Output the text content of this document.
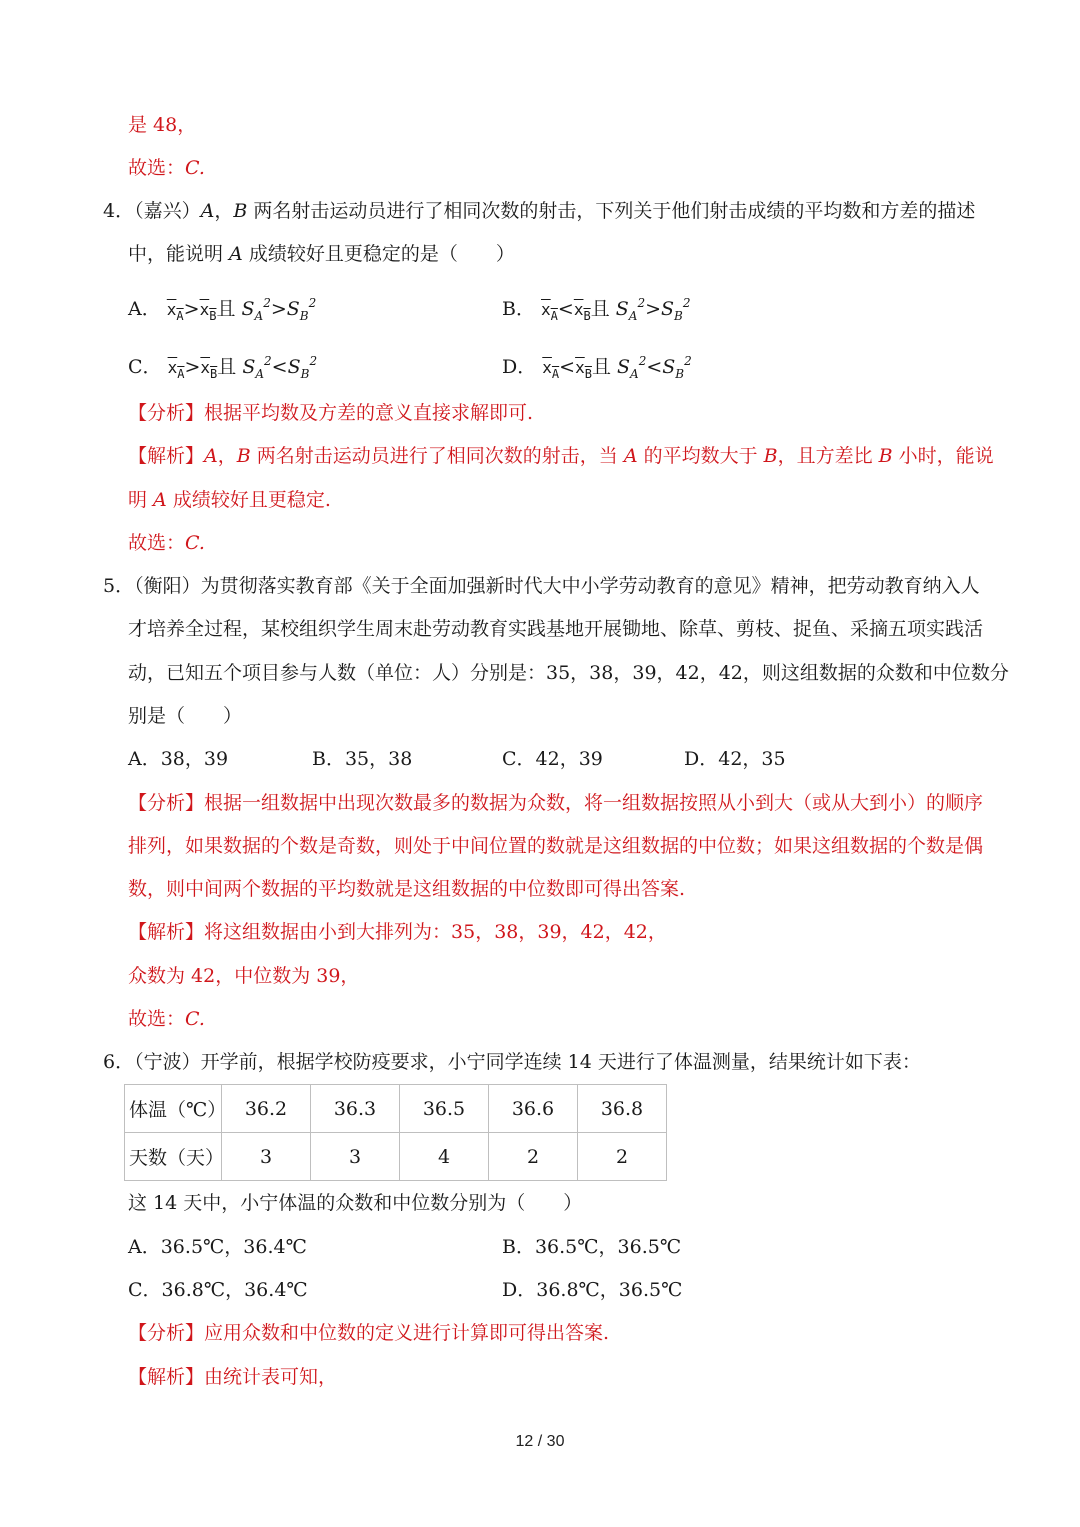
是 48，
故选：C.
4．（嘉兴）A，B 两名射击运动员进行了相同次数的射击，下列关于他们射击成绩的平均数和方差的描述
中，能说明 A 成绩较好且更稳定的是（　　）
A． $x_A>x_B$且 $S_A^2>S_B^2$	B． $x_A<x_B$且 $S_A^2>S_B^2$
C． $x_A>x_B$且 $S_A^2<S_B^2$	D． $x_A<x_B$且 $S_A^2<S_B^2$
【分析】根据平均数及方差的意义直接求解即可.
【解析】A，B 两名射击运动员进行了相同次数的射击，当 A 的平均数大于 B，且方差比 B 小时，能说
明 A 成绩较好且更稳定.
故选：C.
5．（衡阳）为贯彻落实教育部《关于全面加强新时代大中小学劳动教育的意见》精神，把劳动教育纳入人
才培养全过程，某校组织学生周末赴劳动教育实践基地开展锄地、除草、剪枝、捉鱼、采摘五项实践活
动，已知五个项目参与人数（单位：人）分别是：35，38，39，42，42，则这组数据的众数和中位数分
别是（　　）
A．38，39	B．35，38	C．42，39	D．42，35
【分析】根据一组数据中出现次数最多的数据为众数，将一组数据按照从小到大（或从大到小）的顺序
排列，如果数据的个数是奇数，则处于中间位置的数就是这组数据的中位数；如果这组数据的个数是偶
数，则中间两个数据的平均数就是这组数据的中位数即可得出答案.
【解析】将这组数据由小到大排列为：35，38，39，42，42，
众数为 42，中位数为 39，
故选：C.
6．（宁波）开学前，根据学校防疫要求，小宁同学连续 14 天进行了体温测量，结果统计如下表：
体温（℃）	36.2	36.3	36.5	36.6	36.8
天数（天）	3	3	4	2	2
这 14 天中，小宁体温的众数和中位数分别为（　　）
A．36.5℃，36.4℃	B．36.5℃，36.5℃
C．36.8℃，36.4℃	D．36.8℃，36.5℃
【分析】应用众数和中位数的定义进行计算即可得出答案.
【解析】由统计表可知，
12 / 30
